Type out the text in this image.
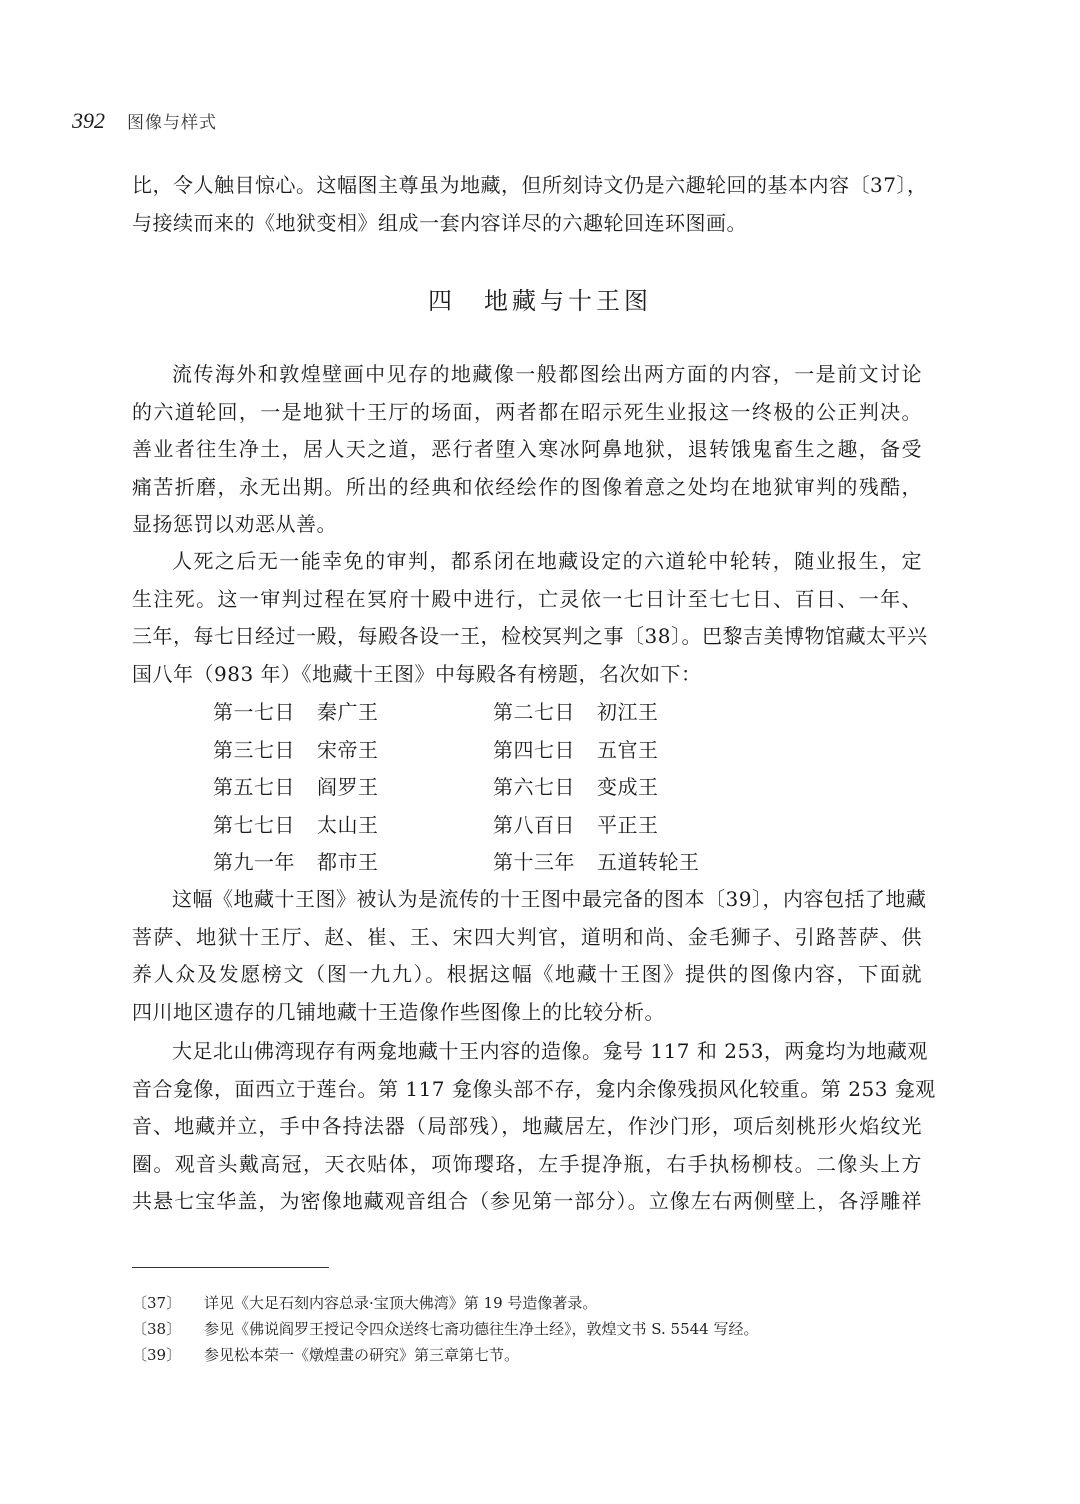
392 图像与样式
比，令人触目惊心。这幅图主尊虽为地藏，但所刻诗文仍是六趣轮回的基本内容〔37〕，
与接续而来的《地狱变相》组成一套内容详尽的六趣轮回连环图画。
四　地藏与十王图
流传海外和敦煌壁画中见存的地藏像一般都图绘出两方面的内容，一是前文讨论
的六道轮回，一是地狱十王厅的场面，两者都在昭示死生业报这一终极的公正判决。
善业者往生净土，居人天之道，恶行者堕入寒冰阿鼻地狱，退转饿鬼畜生之趣，备受
痛苦折磨，永无出期。所出的经典和依经绘作的图像着意之处均在地狱审判的残酷，
显扬惩罚以劝恶从善。
人死之后无一能幸免的审判，都系闭在地藏设定的六道轮中轮转，随业报生，定
生注死。这一审判过程在冥府十殿中进行，亡灵依一七日计至七七日、百日、一年、
三年，每七日经过一殿，每殿各设一王，检校冥判之事〔38〕。巴黎吉美博物馆藏太平兴
国八年（983 年）《地藏十王图》中每殿各有榜题，名次如下：
第一七日	秦广王	第二七日	初江王
第三七日	宋帝王	第四七日	五官王
第五七日	阎罗王	第六七日	变成王
第七七日	太山王	第八百日	平正王
第九一年	都市王	第十三年	五道转轮王
这幅《地藏十王图》被认为是流传的十王图中最完备的图本〔39〕，内容包括了地藏
菩萨、地狱十王厅、赵、崔、王、宋四大判官，道明和尚、金毛狮子、引路菩萨、供
养人众及发愿榜文（图一九九）。根据这幅《地藏十王图》提供的图像内容，下面就
四川地区遗存的几铺地藏十王造像作些图像上的比较分析。
大足北山佛湾现存有两龛地藏十王内容的造像。龛号 117 和 253，两龛均为地藏观
音合龛像，面西立于莲台。第 117 龛像头部不存，龛内余像残损风化较重。第 253 龛观
音、地藏并立，手中各持法器（局部残），地藏居左，作沙门形，项后刻桃形火焰纹光
圈。观音头戴高冠，天衣贴体，项饰璎珞，左手提净瓶，右手执杨柳枝。二像头上方
共悬七宝华盖，为密像地藏观音组合（参见第一部分）。立像左右两侧壁上，各浮雕祥
〔37〕	详见《大足石刻内容总录·宝顶大佛湾》第 19 号造像著录。
〔38〕	参见《佛说阎罗王授记令四众送终七斋功德往生净土经》，敦煌文书 S. 5544 写经。
〔39〕	参见松本荣一《燉煌畫の研究》第三章第七节。
